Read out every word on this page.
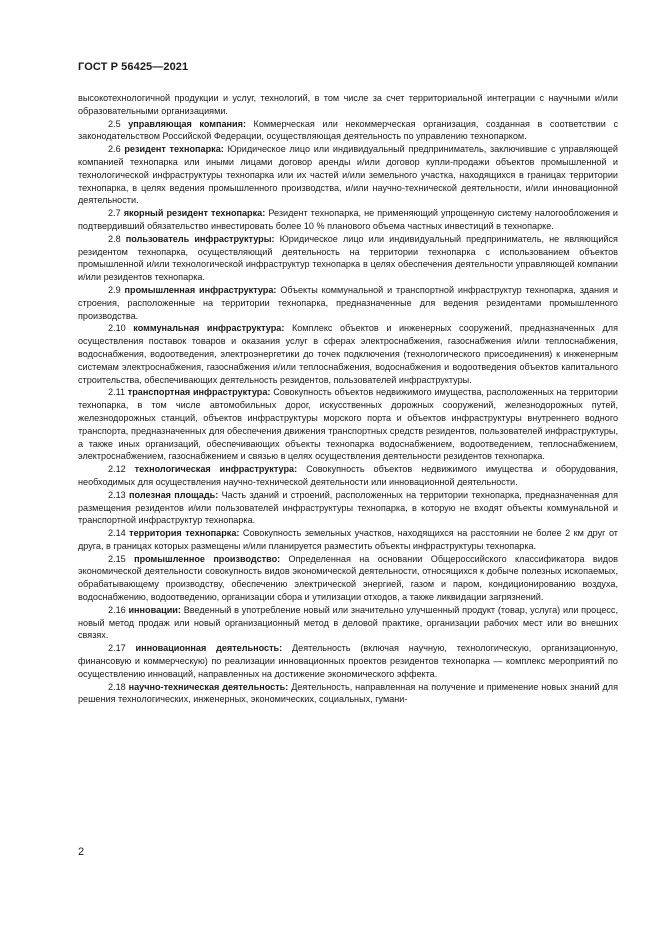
ГОСТ Р 56425—2021

высокотехнологичной продукции и услуг, технологий, в том числе за счет территориальной интеграции с научными и/или образовательными организациями.

2.5 управляющая компания: Коммерческая или некоммерческая организация, созданная в соответствии с законодательством Российской Федерации, осуществляющая деятельность по управлению технопарком.

2.6 резидент технопарка: Юридическое лицо или индивидуальный предприниматель, заключившие с управляющей компанией технопарка или иными лицами договор аренды и/или договор купли-продажи объектов промышленной и технологической инфраструктуры технопарка или их частей и/или земельного участка, находящихся в границах территории технопарка, в целях ведения промышленного производства, и/или научно-технической деятельности, и/или инновационной деятельности.

2.7 якорный резидент технопарка: Резидент технопарка, не применяющий упрощенную систему налогообложения и подтвердивший обязательство инвестировать более 10 % планового объема частных инвестиций в технопарке.

2.8 пользователь инфраструктуры: Юридическое лицо или индивидуальный предприниматель, не являющийся резидентом технопарка, осуществляющий деятельность на территории технопарка с использованием объектов промышленной и/или технологической инфраструктур технопарка в целях обеспечения деятельности управляющей компании и/или резидентов технопарка.

2.9 промышленная инфраструктура: Объекты коммунальной и транспортной инфраструктур технопарка, здания и строения, расположенные на территории технопарка, предназначенные для ведения резидентами промышленного производства.

2.10 коммунальная инфраструктура: Комплекс объектов и инженерных сооружений, предназначенных для осуществления поставок товаров и оказания услуг в сферах электроснабжения, газоснабжения и/или теплоснабжения, водоснабжения, водоотведения, электроэнергетики до точек подключения (технологического присоединения) к инженерным системам электроснабжения, газоснабжения и/или теплоснабжения, водоснабжения и водоотведения объектов капитального строительства, обеспечивающих деятельность резидентов, пользователей инфраструктуры.

2.11 транспортная инфраструктура: Совокупность объектов недвижимого имущества, расположенных на территории технопарка, в том числе автомобильных дорог, искусственных дорожных сооружений, железнодорожных путей, железнодорожных станций, объектов инфраструктуры морского порта и объектов инфраструктуры внутреннего водного транспорта, предназначенных для обеспечения движения транспортных средств резидентов, пользователей инфраструктуры, а также иных организаций, обеспечивающих объекты технопарка водоснабжением, водоотведением, теплоснабжением, электроснабжением, газоснабжением и связью в целях осуществления деятельности резидентов технопарка.

2.12 технологическая инфраструктура: Совокупность объектов недвижимого имущества и оборудования, необходимых для осуществления научно-технической деятельности или инновационной деятельности.

2.13 полезная площадь: Часть зданий и строений, расположенных на территории технопарка, предназначенная для размещения резидентов и/или пользователей инфраструктуры технопарка, в которую не входят объекты коммунальной и транспортной инфраструктур технопарка.

2.14 территория технопарка: Совокупность земельных участков, находящихся на расстоянии не более 2 км друг от друга, в границах которых размещены и/или планируется разместить объекты инфраструктуры технопарка.

2.15 промышленное производство: Определенная на основании Общероссийского классификатора видов экономической деятельности совокупность видов экономической деятельности, относящихся к добыче полезных ископаемых, обрабатывающему производству, обеспечению электрической энергией, газом и паром, кондиционированию воздуха, водоснабжению, водоотведению, организации сбора и утилизации отходов, а также ликвидации загрязнений.

2.16 инновации: Введенный в употребление новый или значительно улучшенный продукт (товар, услуга) или процесс, новый метод продаж или новый организационный метод в деловой практике, организации рабочих мест или во внешних связях.

2.17 инновационная деятельность: Деятельность (включая научную, технологическую, организационную, финансовую и коммерческую) по реализации инновационных проектов резидентов технопарка — комплекс мероприятий по осуществлению инноваций, направленных на достижение экономического эффекта.

2.18 научно-техническая деятельность: Деятельность, направленная на получение и применение новых знаний для решения технологических, инженерных, экономических, социальных, гумани-

2
